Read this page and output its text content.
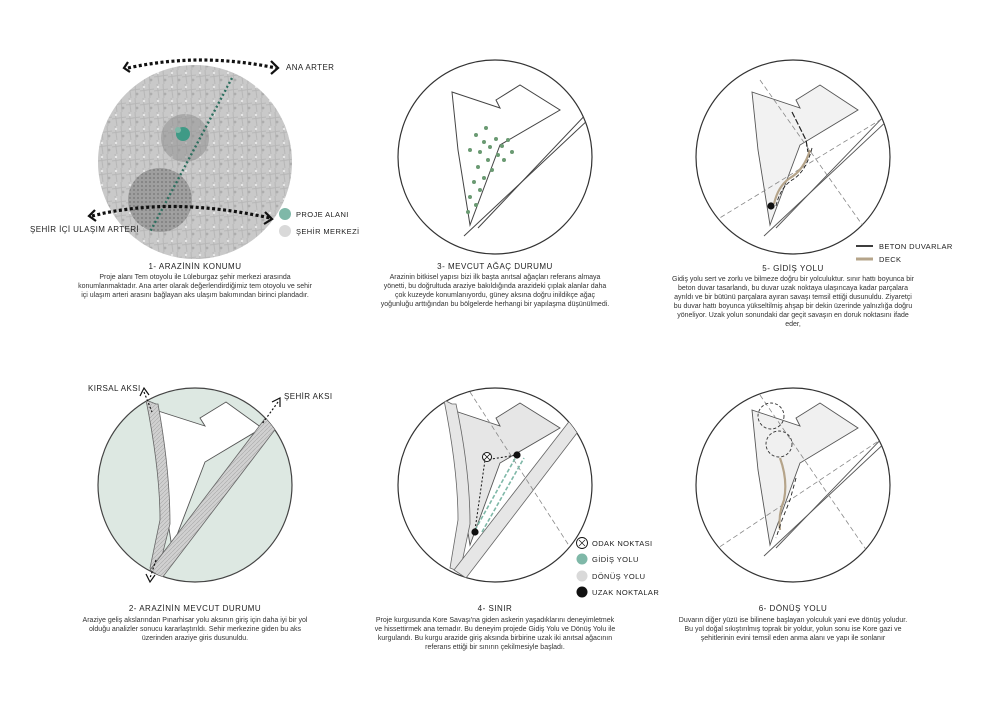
ANA ARTER
ŞEHİR İÇİ ULAŞIM ARTERİ
PROJE ALANI
ŞEHİR MERKEZİ
1- ARAZİNİN KONUMU
Proje alanı Tem otoyolu ile Lüleburgaz şehir merkezi arasında konumlanmaktadır. Ana arter olarak değerlendirdiğimiz tem otoyolu ve sehir içi ulaşım arteri arasını bağlayan aks ulaşım bakımından birinci plandadır.
3- MEVCUT AĞAÇ DURUMU
Arazinin bitkisel yapısı bizi ilk başta anıtsal ağaçları referans almaya yönetti, bu doğrultuda araziye bakıldığında arazideki çıplak alanlar daha çok kuzeyde konumlanıyordu, güney aksına doğru inildikçe ağaç yoğunluğu arttığından bu bölgelerde herhangi bir yapılaşma düşünülmedi.
BETON DUVARLAR
DECK
5- GİDİŞ YOLU
Gidiş yolu sert ve zorlu ve bilmeze doğru bir yolculuktur. sınır hattı boyunca bir beton duvar tasarlandı, bu duvar uzak noktaya ulaşıncaya kadar parçalara ayrıldı ve bir bütünü parçalara ayıran savaşı temsil ettiği dusunuldu. Ziyaretçi bu duvar hattı boyunca yükseltilmiş ahşap bir dekin üzerinde yalnızlığa doğru yöneliyor. Uzak yolun sonundaki dar geçit savaşın en doruk noktasını ifade eder,
KIRSAL AKSI
ŞEHİR AKSI
2- ARAZİNİN MEVCUT DURUMU
Araziye geliş akslarından Pınarhisar yolu aksının giriş için daha iyi bir yol olduğu analizler sonucu kararlaştırıldı. Sehir merkezine giden bu aks üzerinden araziye giris dusunuldu.
ODAK NOKTASI
GİDİŞ YOLU
DÖNÜŞ YOLU
UZAK NOKTALAR
4- SINIR
Proje kurgusunda Kore Savaşı'na giden askerin yaşadıklarını deneyimletmek ve hissettirmek ana temadır. Bu deneyim projede Gidiş Yolu ve Dönüş Yolu ile kurgulandı. Bu kurgu arazide giriş aksında birbirine uzak iki anıtsal ağacının referans ettiği bir sınırın çekilmesiyle başladı.
6- DÖNÜŞ YOLU
Duvarın diğer yüzü ise bilinene başlayan yolculuk yani eve dönüş yoludur. Bu yol doğal sıkıştırılmış toprak bir yoldur, yolun sonu ise Kore gazi ve şehitlerinin evini temsil eden anma alanı ve yapı ile sonlanır
